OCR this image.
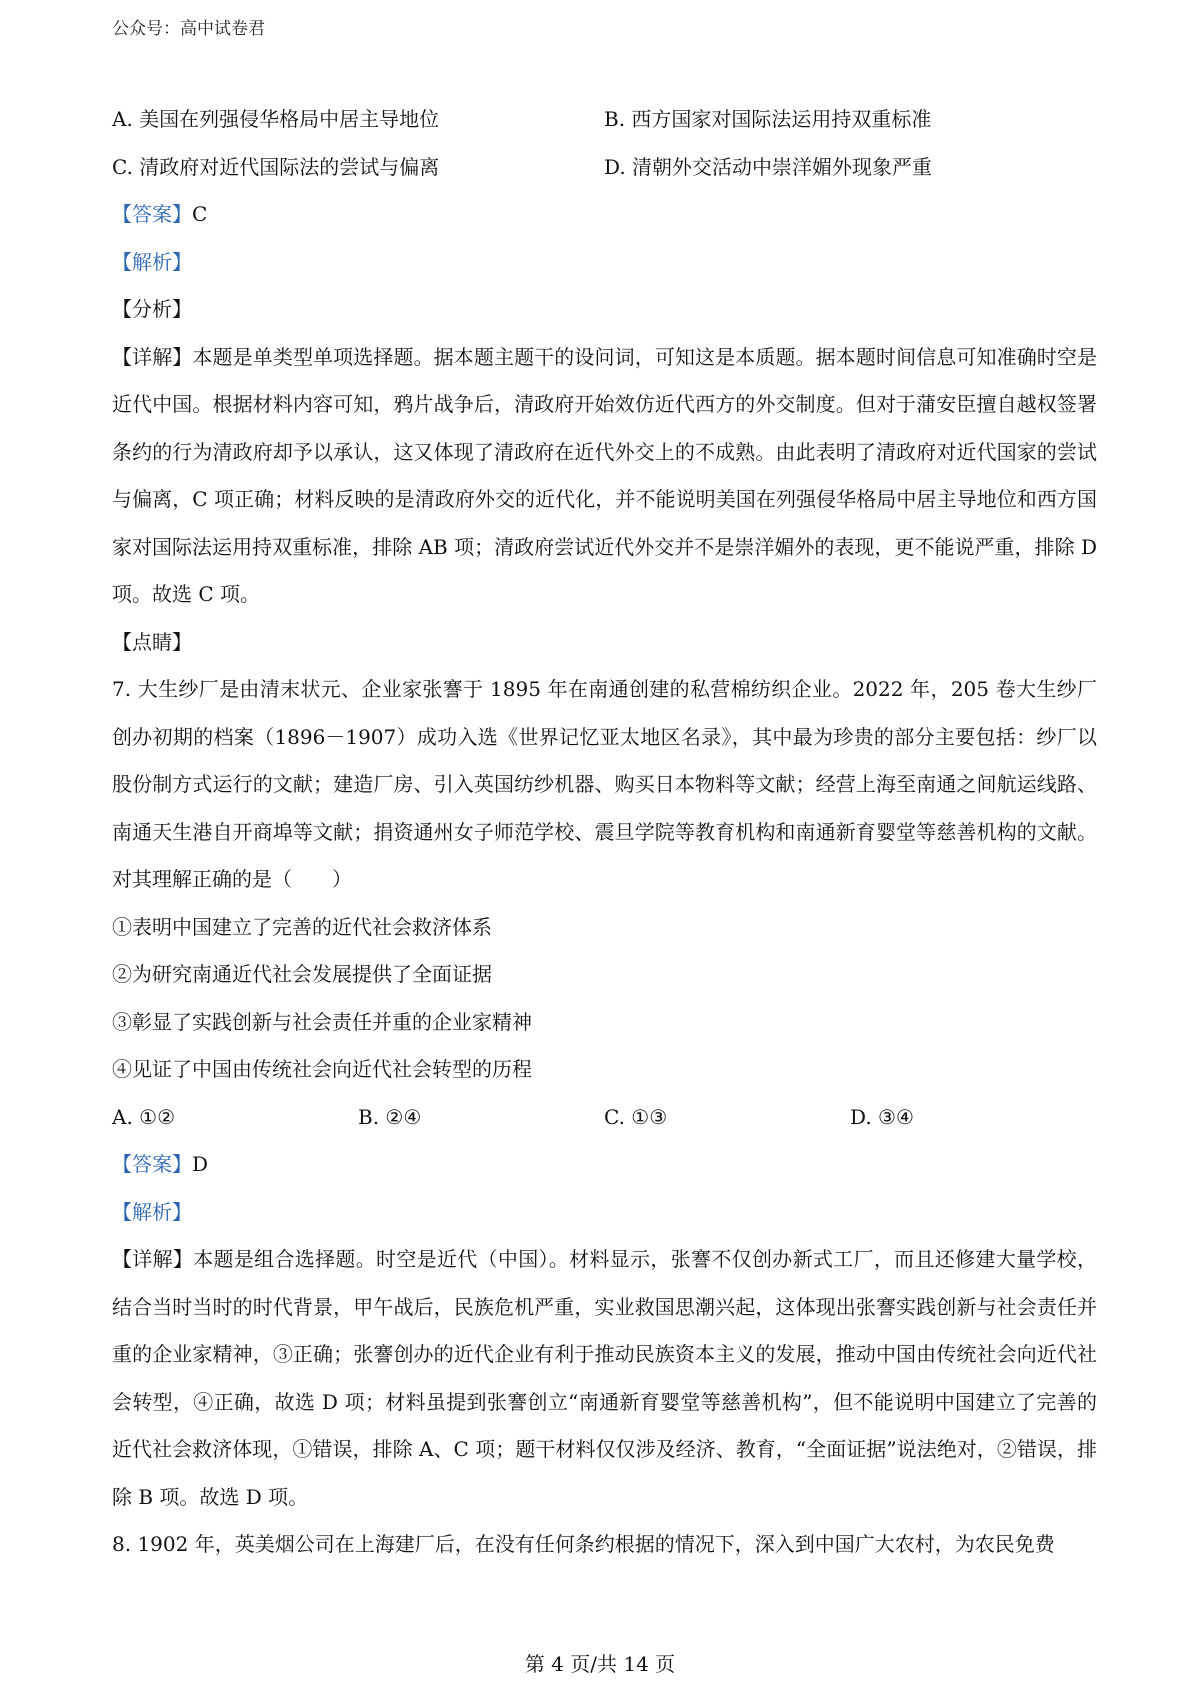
公众号：高中试卷君
A. 美国在列强侵华格局中居主导地位	B. 西方国家对国际法运用持双重标准
C. 清政府对近代国际法的尝试与偏离	D. 清朝外交活动中崇洋媚外现象严重
【答案】C
【解析】
【分析】
【详解】本题是单类型单项选择题。据本题主题干的设问词，可知这是本质题。据本题时间信息可知准确时空是近代中国。根据材料内容可知，鸦片战争后，清政府开始效仿近代西方的外交制度。但对于蒲安臣擅自越权签署条约的行为清政府却予以承认，这又体现了清政府在近代外交上的不成熟。由此表明了清政府对近代国家的尝试与偏离，C 项正确；材料反映的是清政府外交的近代化，并不能说明美国在列强侵华格局中居主导地位和西方国家对国际法运用持双重标准，排除 AB 项；清政府尝试近代外交并不是崇洋媚外的表现，更不能说严重，排除 D 项。故选 C 项。
【点睛】
7. 大生纱厂是由清末状元、企业家张謇于 1895 年在南通创建的私营棉纺织企业。2022 年，205 卷大生纱厂创办初期的档案（1896－1907）成功入选《世界记忆亚太地区名录》，其中最为珍贵的部分主要包括：纱厂以股份制方式运行的文献；建造厂房、引入英国纺纱机器、购买日本物料等文献；经营上海至南通之间航运线路、南通天生港自开商埠等文献；捐资通州女子师范学校、震旦学院等教育机构和南通新育婴堂等慈善机构的文献。对其理解正确的是（　　）
①表明中国建立了完善的近代社会救济体系
②为研究南通近代社会发展提供了全面证据
③彰显了实践创新与社会责任并重的企业家精神
④见证了中国由传统社会向近代社会转型的历程
A. ①②	B. ②④	C. ①③	D. ③④
【答案】D
【解析】
【详解】本题是组合选择题。时空是近代（中国）。材料显示，张謇不仅创办新式工厂，而且还修建大量学校，结合当时当时的时代背景，甲午战后，民族危机严重，实业救国思潮兴起，这体现出张謇实践创新与社会责任并重的企业家精神，③正确；张謇创办的近代企业有利于推动民族资本主义的发展，推动中国由传统社会向近代社会转型，④正确，故选 D 项；材料虽提到张謇创立“南通新育婴堂等慈善机构”，但不能说明中国建立了完善的近代社会救济体现，①错误，排除 A、C 项；题干材料仅仅涉及经济、教育，“全面证据”说法绝对，②错误，排除 B 项。故选 D 项。
8. 1902 年，英美烟公司在上海建厂后，在没有任何条约根据的情况下，深入到中国广大农村，为农民免费
第 4 页/共 14 页
